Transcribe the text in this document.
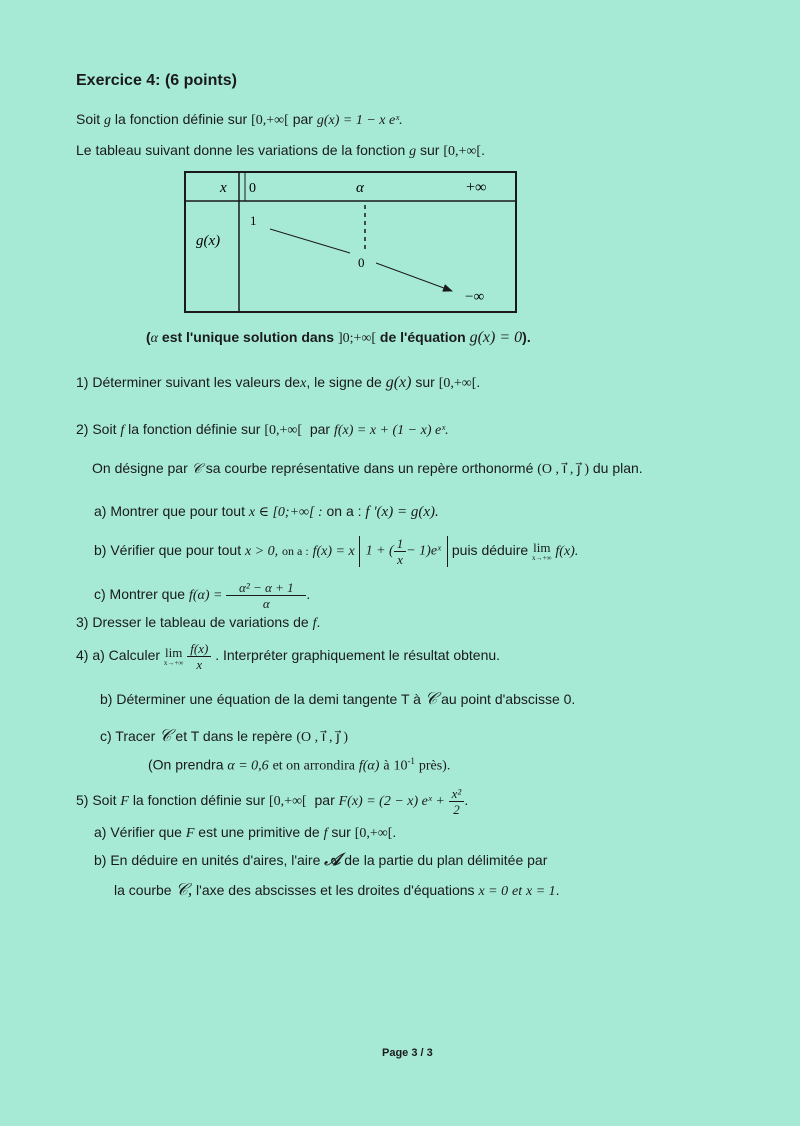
Exercice 4: (6 points)
Soit g la fonction définie sur [0,+∞[ par g(x) = 1 − x eˣ.
Le tableau suivant donne les variations de la fonction g sur [0,+∞[.
x 0	α	+∞
g(x)
1
0
−∞
(α est l'unique solution dans ]0;+∞[ de l'équation g(x) = 0).
1) Déterminer suivant les valeurs dex, le signe de g(x) sur [0,+∞[.
2) Soit f la fonction définie sur [0,+∞[ par f(x) = x + (1 − x) eˣ.
On désigne par 𝒞 sa courbe représentative dans un repère orthonormé (O , i⃗ , j⃗ ) du plan.
a) Montrer que pour tout x ∈ [0;+∞[ : on a : f '(x) = g(x).
b) Vérifier que pour tout x > 0, on a : f(x) = x 1 + ( $\frac{1}{x}$ − 1)eˣ puis déduire lim
x→+∞ f(x).
c) Montrer que $f(\alpha) = \frac{\text{α² − α + 1}}{\alpha}$ .
3) Dresser le tableau de variations de f.
4) a) Calculer lim
x→+∞
$\frac{f(x)}{x}$ . Interpréter graphiquement le résultat obtenu.
b) Déterminer une équation de la demi tangente T à 𝒞 au point d'abscisse 0.
c) Tracer 𝒞 et T dans le repère (O , i⃗ , j⃗ )
(On prendra α = 0,6 et on arrondira f(α) à $10^{-1}$ près).
5) Soit F la fonction définie sur [0,+∞[ par F(x) = (2 − x) eˣ + $\frac{\text{x²}}{2}$ .
a) Vérifier que F est une primitive de f sur [0,+∞[.
b) En déduire en unités d'aires, l'aire 𝒜 de la partie du plan délimitée par
la courbe 𝒞, l'axe des abscisses et les droites d'équations x = 0 et x = 1.
Page 3 / 3
